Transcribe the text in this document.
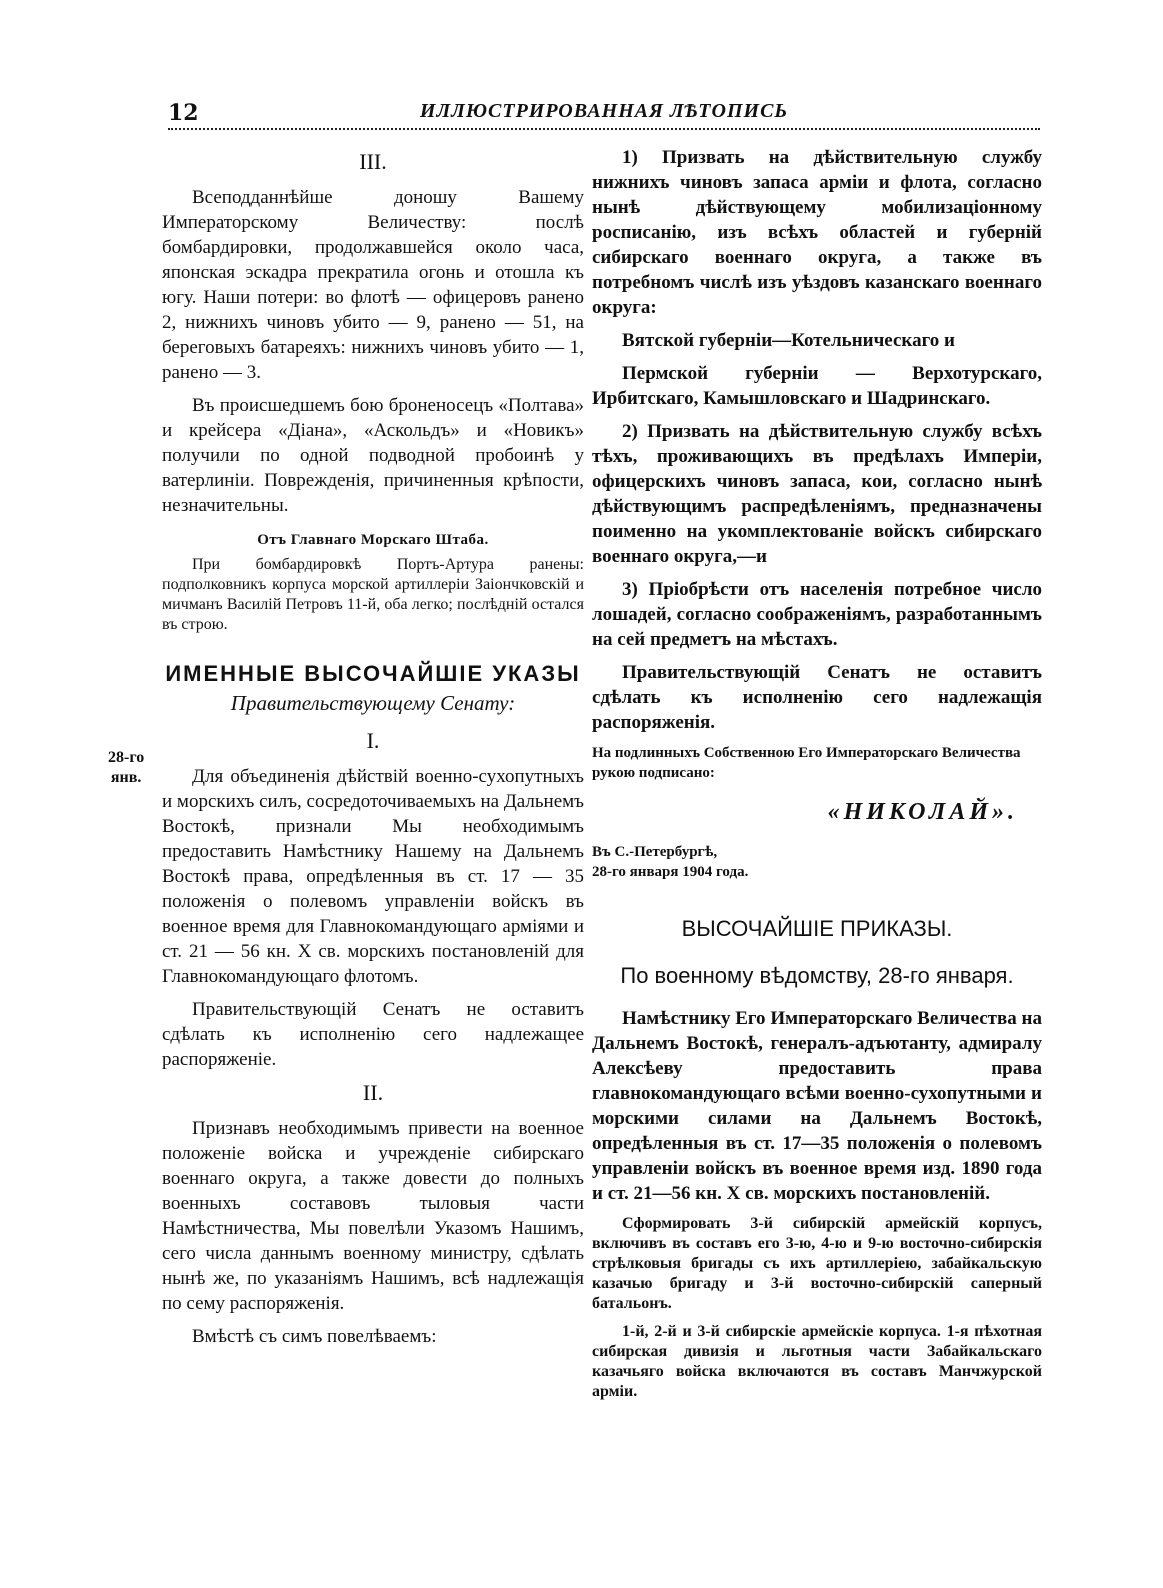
12	ИЛЛЮСТРИРОВАННАЯ ЛѢТОПИСЬ
28-го
янв.
III.

Всеподданнѣйше доношу Вашему Императорскому Величеству: послѣ бомбардировки, продолжавшейся около часа, японская эскадра прекратила огонь и отошла къ югу. Наши потери: во флотѣ — офицеровъ ранено 2, нижнихъ чиновъ убито — 9, ранено — 51, на береговыхъ батареяхъ: нижнихъ чиновъ убито — 1, ранено — 3.

Въ происшедшемъ бою броненосецъ «Полтава» и крейсера «Діана», «Аскольдъ» и «Новикъ» получили по одной подводной пробоинѣ у ватерлиніи. Поврежденія, причиненныя крѣпости, незначительны.

Отъ Главнаго Морскаго Штаба.

При бомбардировкѣ Портъ-Артура ранены: подполковникъ корпуса морской артиллеріи Заіончковскій и мичманъ Василій Петровъ 11-й, оба легко; послѣдній остался въ строю.

ИМЕННЫЕ ВЫСОЧАЙШІЕ УКАЗЫ
Правительствующему Сенату:
I.

Для объединенія дѣйствій военно-сухопутныхъ и морскихъ силъ, сосредоточиваемыхъ на Дальнемъ Востокѣ, признали Мы необходимымъ предоставить Намѣстнику Нашему на Дальнемъ Востокѣ права, опредѣленныя въ ст. 17 — 35 положенія о полевомъ управленіи войскъ въ военное время для Главнокомандующаго арміями и ст. 21 — 56 кн. X св. морскихъ постановленій для Главнокомандующаго флотомъ.

Правительствующій Сенатъ не оставитъ сдѣлать къ исполненію сего надлежащее распоряженіе.

II.

Признавъ необходимымъ привести на военное положеніе войска и учрежденіе сибирскаго военнаго округа, а также довести до полныхъ военныхъ составовъ тыловыя части Намѣстничества, Мы повелѣли Указомъ Нашимъ, сего числа даннымъ военному министру, сдѣлать нынѣ же, по указаніямъ Нашимъ, всѣ надлежащія по сему распоряженія.

Вмѣстѣ съ симъ повелѣваемъ:

1) Призвать на дѣйствительную службу нижнихъ чиновъ запаса арміи и флота, согласно нынѣ дѣйствующему мобилизаціонному росписанію, изъ всѣхъ областей и губерній сибирскаго военнаго округа, а также въ потребномъ числѣ изъ уѣздовъ казанскаго военнаго округа:

Вятской губерніи—Котельническаго и

Пермской губерніи — Верхотурскаго, Ирбитскаго, Камышловскаго и Шадринскаго.

2) Призвать на дѣйствительную службу всѣхъ тѣхъ, проживающихъ въ предѣлахъ Имперіи, офицерскихъ чиновъ запаса, кои, согласно нынѣ дѣйствующимъ распредѣленіямъ, предназначены поименно на укомплектованіе войскъ сибирскаго военнаго округа,—и

3) Пріобрѣсти отъ населенія потребное число лошадей, согласно соображеніямъ, разработаннымъ на сей предметъ на мѣстахъ.

Правительствующій Сенатъ не оставитъ сдѣлать къ исполненію сего надлежащія распоряженія.

На подлинныхъ Собственною Его Императорскаго Величества рукою подписано:
«НИКОЛАЙ».
Въ С.-Петербургѣ,
28-го января 1904 года.
ВЫСОЧАЙШІЕ ПРИКАЗЫ.
По военному вѣдомству, 28-го января.

Намѣстнику Его Императорскаго Величества на Дальнемъ Востокѣ, генералъ-адъютанту, адмиралу Алексѣеву предоставить права главнокомандующаго всѣми военно-сухопутными и морскими силами на Дальнемъ Востокѣ, опредѣленныя въ ст. 17—35 положенія о полевомъ управленіи войскъ въ военное время изд. 1890 года и ст. 21—56 кн. X св. морскихъ постановленій.

Сформировать 3-й сибирскій армейскій корпусъ, включивъ въ составъ его 3-ю, 4-ю и 9-ю восточно-сибирскія стрѣлковыя бригады съ ихъ артиллеріею, забайкальскую казачью бригаду и 3-й восточно-сибирскій саперный батальонъ.

1-й, 2-й и 3-й сибирскіе армейскіе корпуса. 1-я пѣхотная сибирская дивизія и льготныя части Забайкальскаго казачьяго войска включаются въ составъ Манчжурской арміи.
